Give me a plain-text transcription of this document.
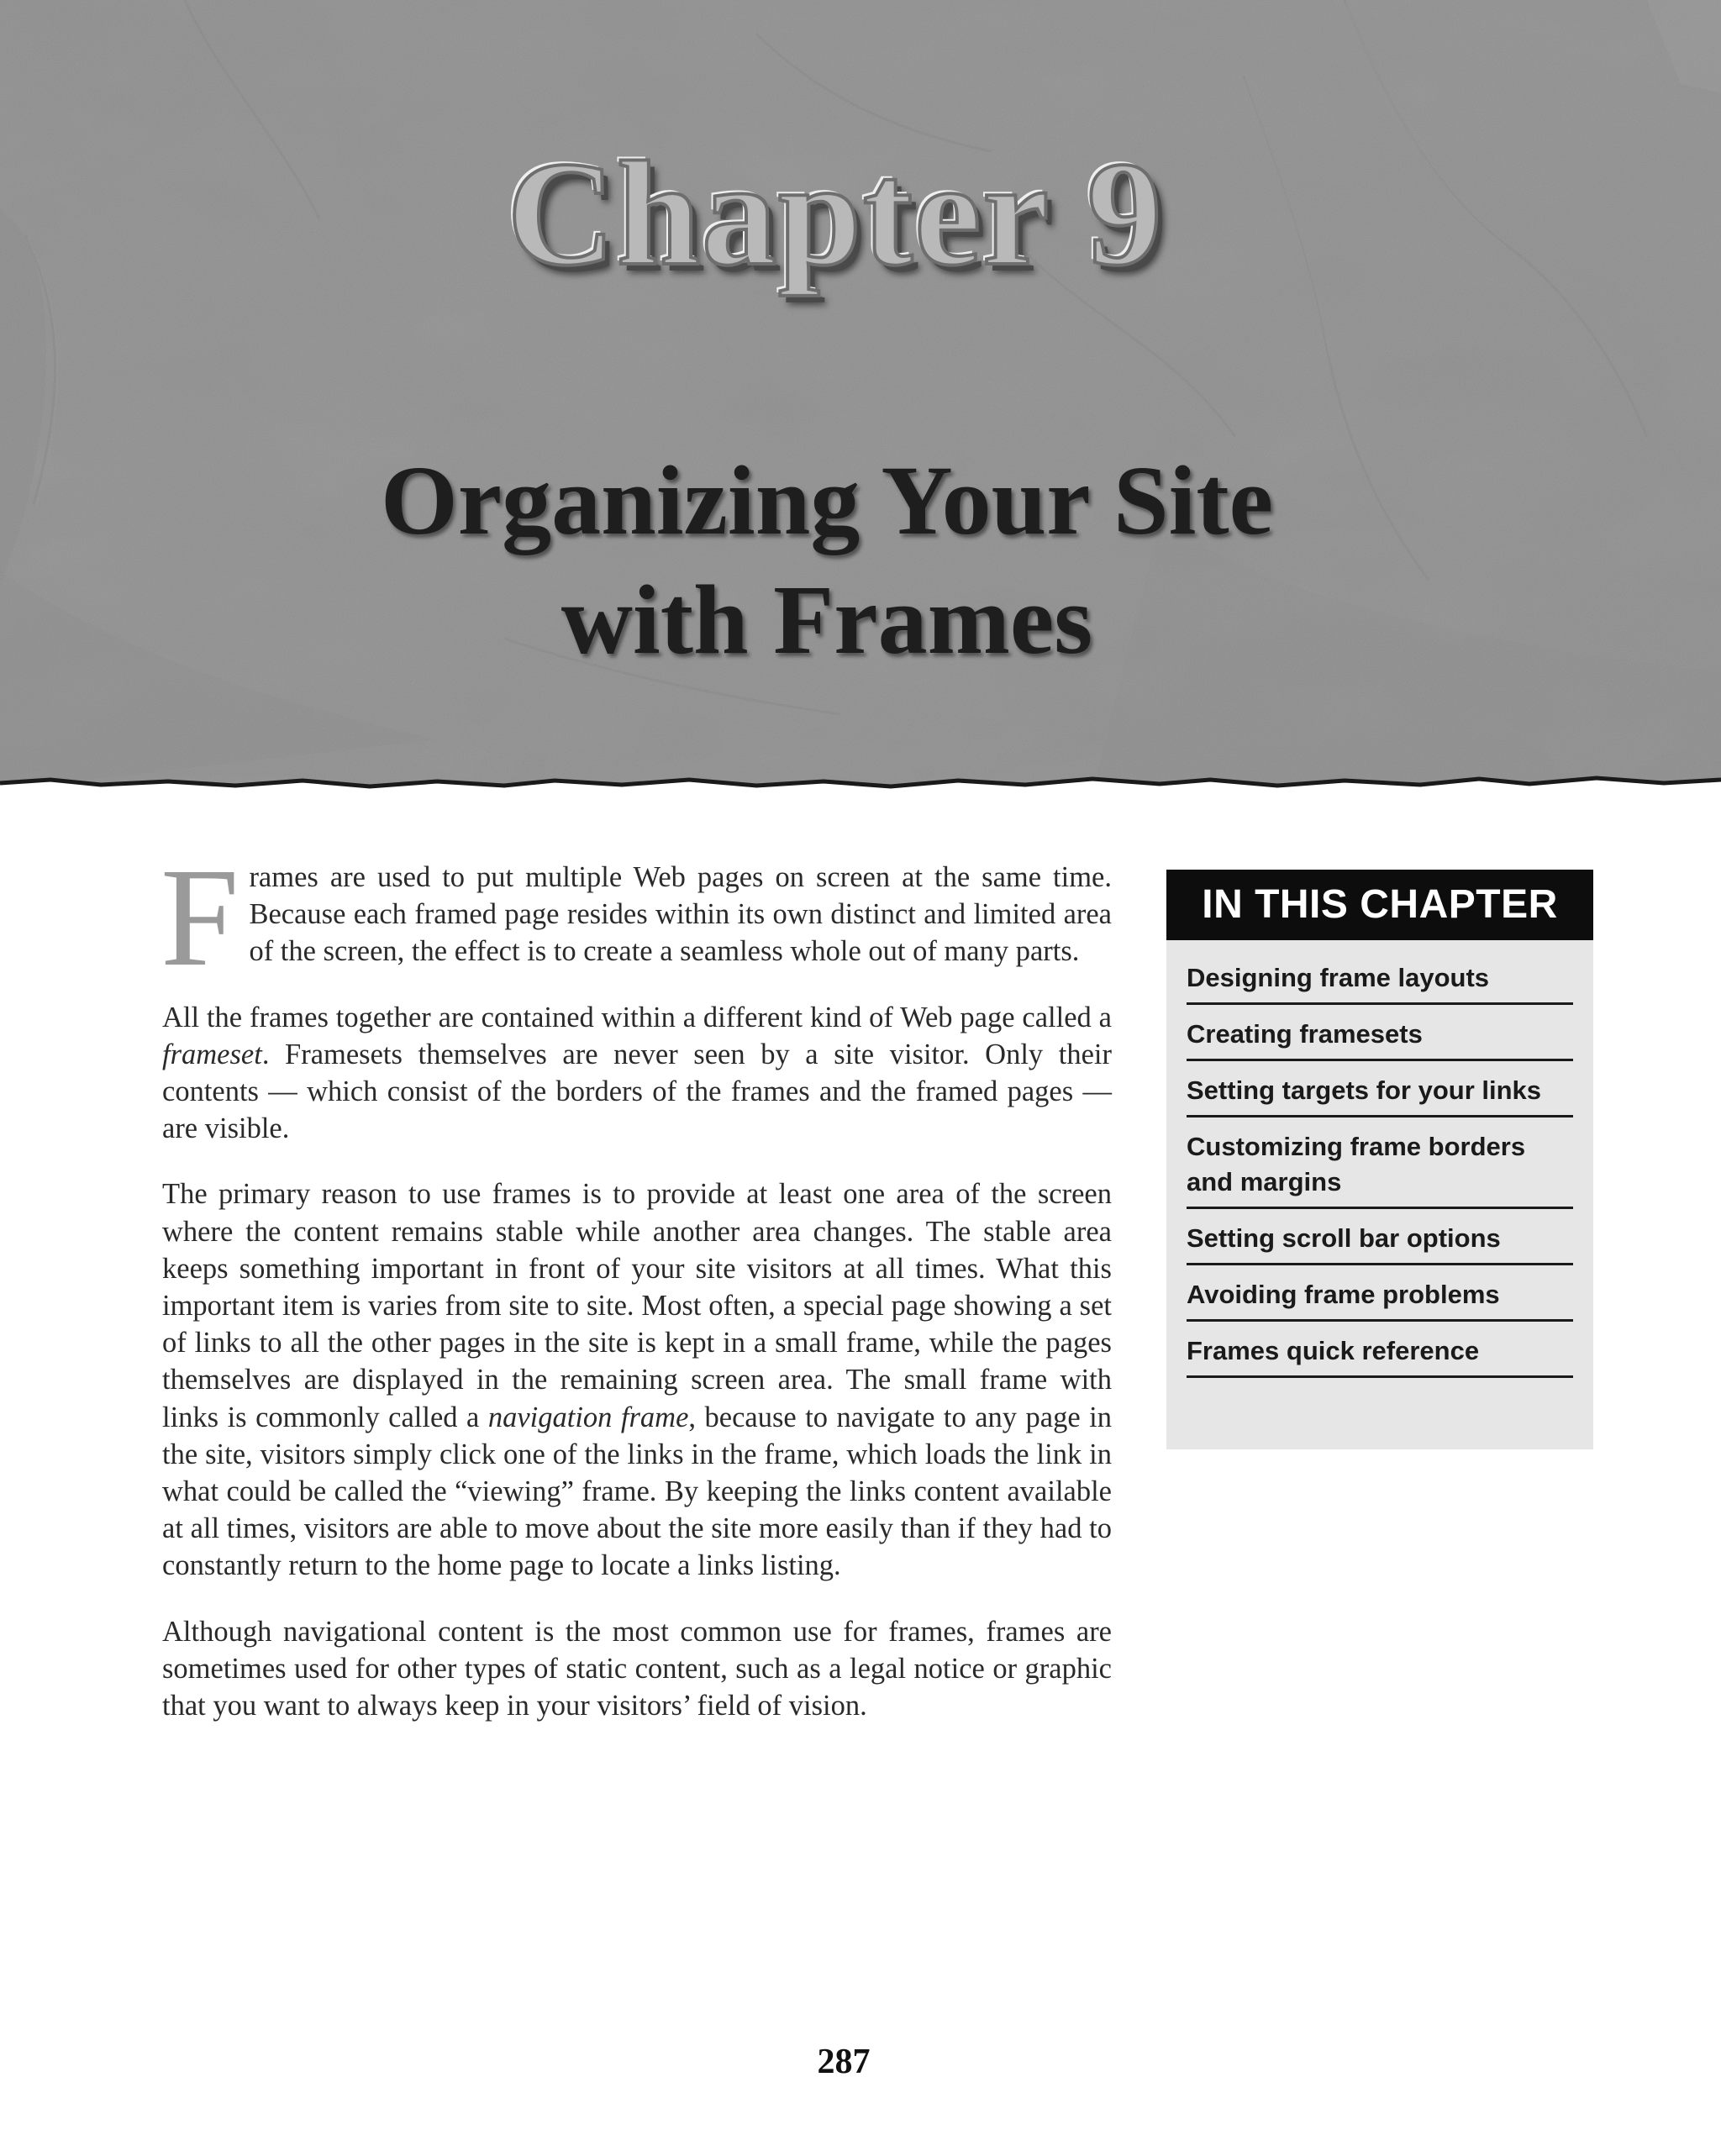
Chapter 9
Organizing Your Site
with Frames

Frames are used to put multiple Web pages on screen at the same time. Because each framed page resides within its own distinct and limited area of the screen, the effect is to create a seamless whole out of many parts.

All the frames together are contained within a different kind of Web page called a frameset. Framesets themselves are never seen by a site visitor. Only their contents — which consist of the borders of the frames and the framed pages — are visible.

The primary reason to use frames is to provide at least one area of the screen where the content remains stable while another area changes. The stable area keeps something important in front of your site visitors at all times. What this important item is varies from site to site. Most often, a special page showing a set of links to all the other pages in the site is kept in a small frame, while the pages themselves are displayed in the remaining screen area. The small frame with links is commonly called a navigation frame, because to navigate to any page in the site, visitors simply click one of the links in the frame, which loads the link in what could be called the “viewing” frame. By keeping the links content available at all times, visitors are able to move about the site more easily than if they had to constantly return to the home page to locate a links listing.

Although navigational content is the most common use for frames, frames are sometimes used for other types of static content, such as a legal notice or graphic that you want to always keep in your visitors’ field of vision.

IN THIS CHAPTER
Designing frame layouts
Creating framesets
Setting targets for your links
Customizing frame borders and margins
Setting scroll bar options
Avoiding frame problems
Frames quick reference
287
